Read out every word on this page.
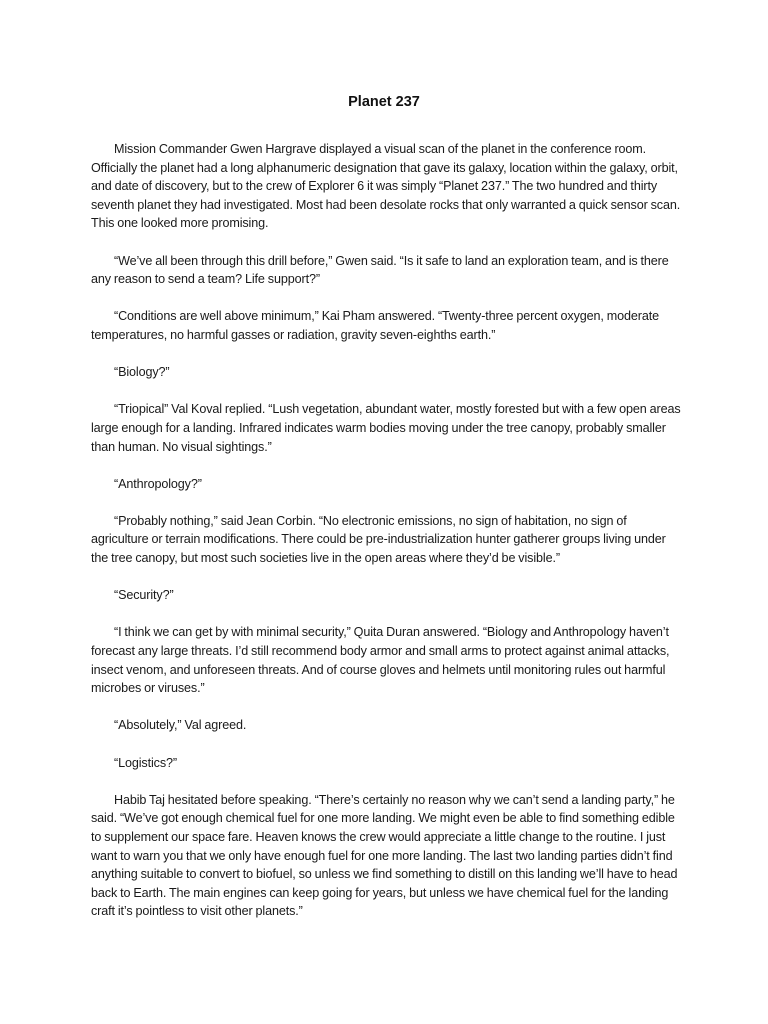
Planet 237

Mission Commander Gwen Hargrave displayed a visual scan of the planet in the conference room. Officially the planet had a long alphanumeric designation that gave its galaxy, location within the galaxy, orbit, and date of discovery, but to the crew of Explorer 6 it was simply “Planet 237.” The two hundred and thirty seventh planet they had investigated. Most had been desolate rocks that only warranted a quick sensor scan. This one looked more promising.

“We’ve all been through this drill before,” Gwen said. “Is it safe to land an exploration team, and is there any reason to send a team? Life support?”

“Conditions are well above minimum,” Kai Pham answered. “Twenty-three percent oxygen, moderate temperatures, no harmful gasses or radiation, gravity seven-eighths earth.”

“Biology?”

“Triopical” Val Koval replied. “Lush vegetation, abundant water, mostly forested but with a few open areas large enough for a landing. Infrared indicates warm bodies moving under the tree canopy, probably smaller than human. No visual sightings.”

“Anthropology?”

“Probably nothing,” said Jean Corbin. “No electronic emissions, no sign of habitation, no sign of agriculture or terrain modifications. There could be pre-industrialization hunter gatherer groups living under the tree canopy, but most such societies live in the open areas where they’d be visible.”

“Security?”

“I think we can get by with minimal security,” Quita Duran answered. “Biology and Anthropology haven’t forecast any large threats. I’d still recommend body armor and small arms to protect against animal attacks, insect venom, and unforeseen threats. And of course gloves and helmets until monitoring rules out harmful microbes or viruses.”

“Absolutely,” Val agreed.

“Logistics?”

Habib Taj hesitated before speaking. “There’s certainly no reason why we can’t send a landing party,” he said. “We’ve got enough chemical fuel for one more landing. We might even be able to find something edible to supplement our space fare. Heaven knows the crew would appreciate a little change to the routine. I just want to warn you that we only have enough fuel for one more landing. The last two landing parties didn’t find anything suitable to convert to biofuel, so unless we find something to distill on this landing we’ll have to head back to Earth. The main engines can keep going for years, but unless we have chemical fuel for the landing craft it’s pointless to visit other planets.”
